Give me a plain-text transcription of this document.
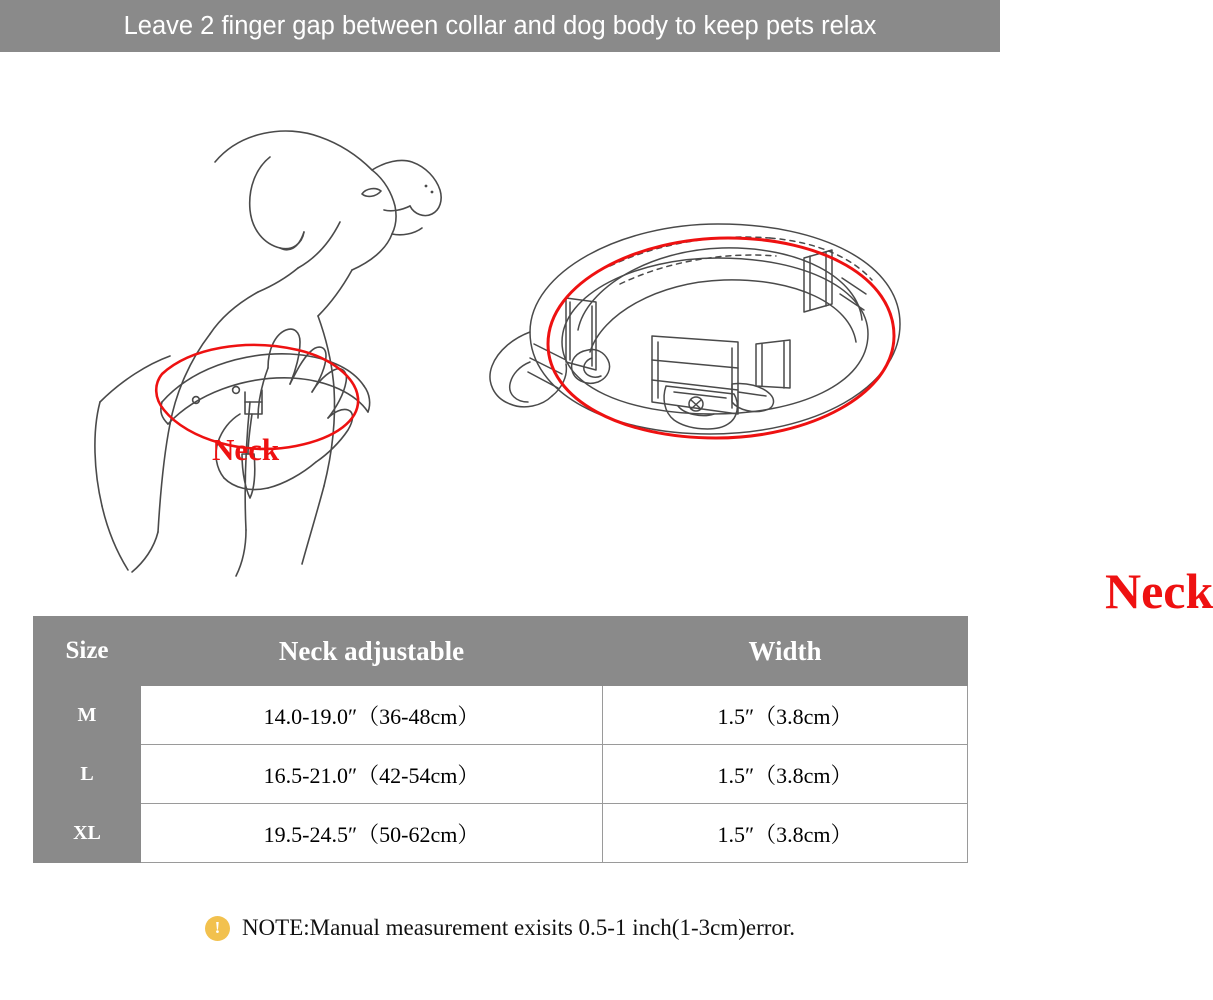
Leave 2 finger gap between collar and dog body to keep pets relax
Neck
Neck
Size	Neck adjustable	Width
M	14.0-19.0″（36-48cm）	1.5″（3.8cm）
L	16.5-21.0″（42-54cm）	1.5″（3.8cm）
XL	19.5-24.5″（50-62cm）	1.5″（3.8cm）
! NOTE:Manual measurement exisits 0.5-1 inch(1-3cm)error.
